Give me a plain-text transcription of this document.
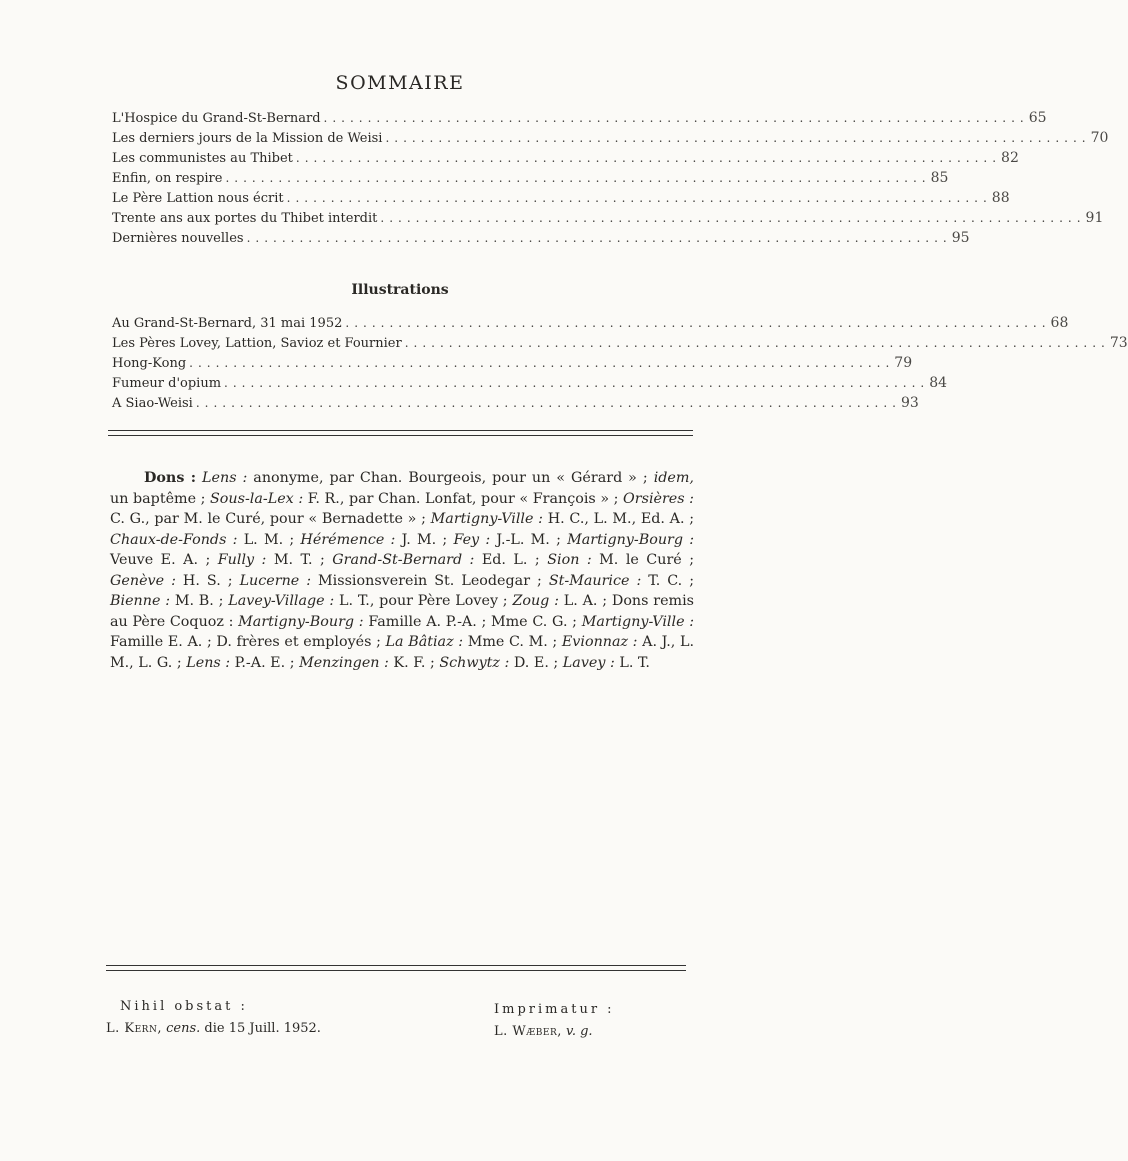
SOMMAIRE
L'Hospice du Grand-St-Bernard ................................................................................ 65
Les derniers jours de la Mission de Weisi ................................................................................ 70
Les communistes au Thibet ................................................................................ 82
Enfin, on respire ................................................................................ 85
Le Père Lattion nous écrit ................................................................................ 88
Trente ans aux portes du Thibet interdit ................................................................................ 91
Dernières nouvelles ................................................................................ 95
Illustrations
Au Grand-St-Bernard, 31 mai 1952 ................................................................................ 68
Les Pères Lovey, Lattion, Savioz et Fournier ................................................................................ 73
Hong-Kong ................................................................................ 79
Fumeur d'opium ................................................................................ 84
A Siao-Weisi ................................................................................ 93

Dons : Lens : anonyme, par Chan. Bourgeois, pour un « Gérard » ; idem, un baptême ; Sous-la-Lex : F. R., par Chan. Lonfat, pour « François » ; Orsières : C. G., par M. le Curé, pour « Bernadette » ; Martigny-Ville : H. C., L. M., Ed. A. ; Chaux-de-Fonds : L. M. ; Hérémence : J. M. ; Fey : J.-L. M. ; Martigny-Bourg : Veuve E. A. ; Fully : M. T. ; Grand-St-Bernard : Ed. L. ; Sion : M. le Curé ; Genève : H. S. ; Lucerne : Missionsverein St. Leodegar ; St-Maurice : T. C. ; Bienne : M. B. ; Lavey-Village : L. T., pour Père Lovey ; Zoug : L. A. ; Dons remis au Père Coquoz : Martigny-Bourg : Famille A. P.-A. ; Mme C. G. ; Martigny-Ville : Famille E. A. ; D. frères et employés ; La Bâtiaz : Mme C. M. ; Evionnaz : A. J., L. M., L. G. ; Lens : P.-A. E. ; Menzingen : K. F. ; Schwytz : D. E. ; Lavey : L. T.

Nihil obstat :
L. Kern, cens. die 15 Juill. 1952.
Imprimatur :
L. Wæber, v. g.
